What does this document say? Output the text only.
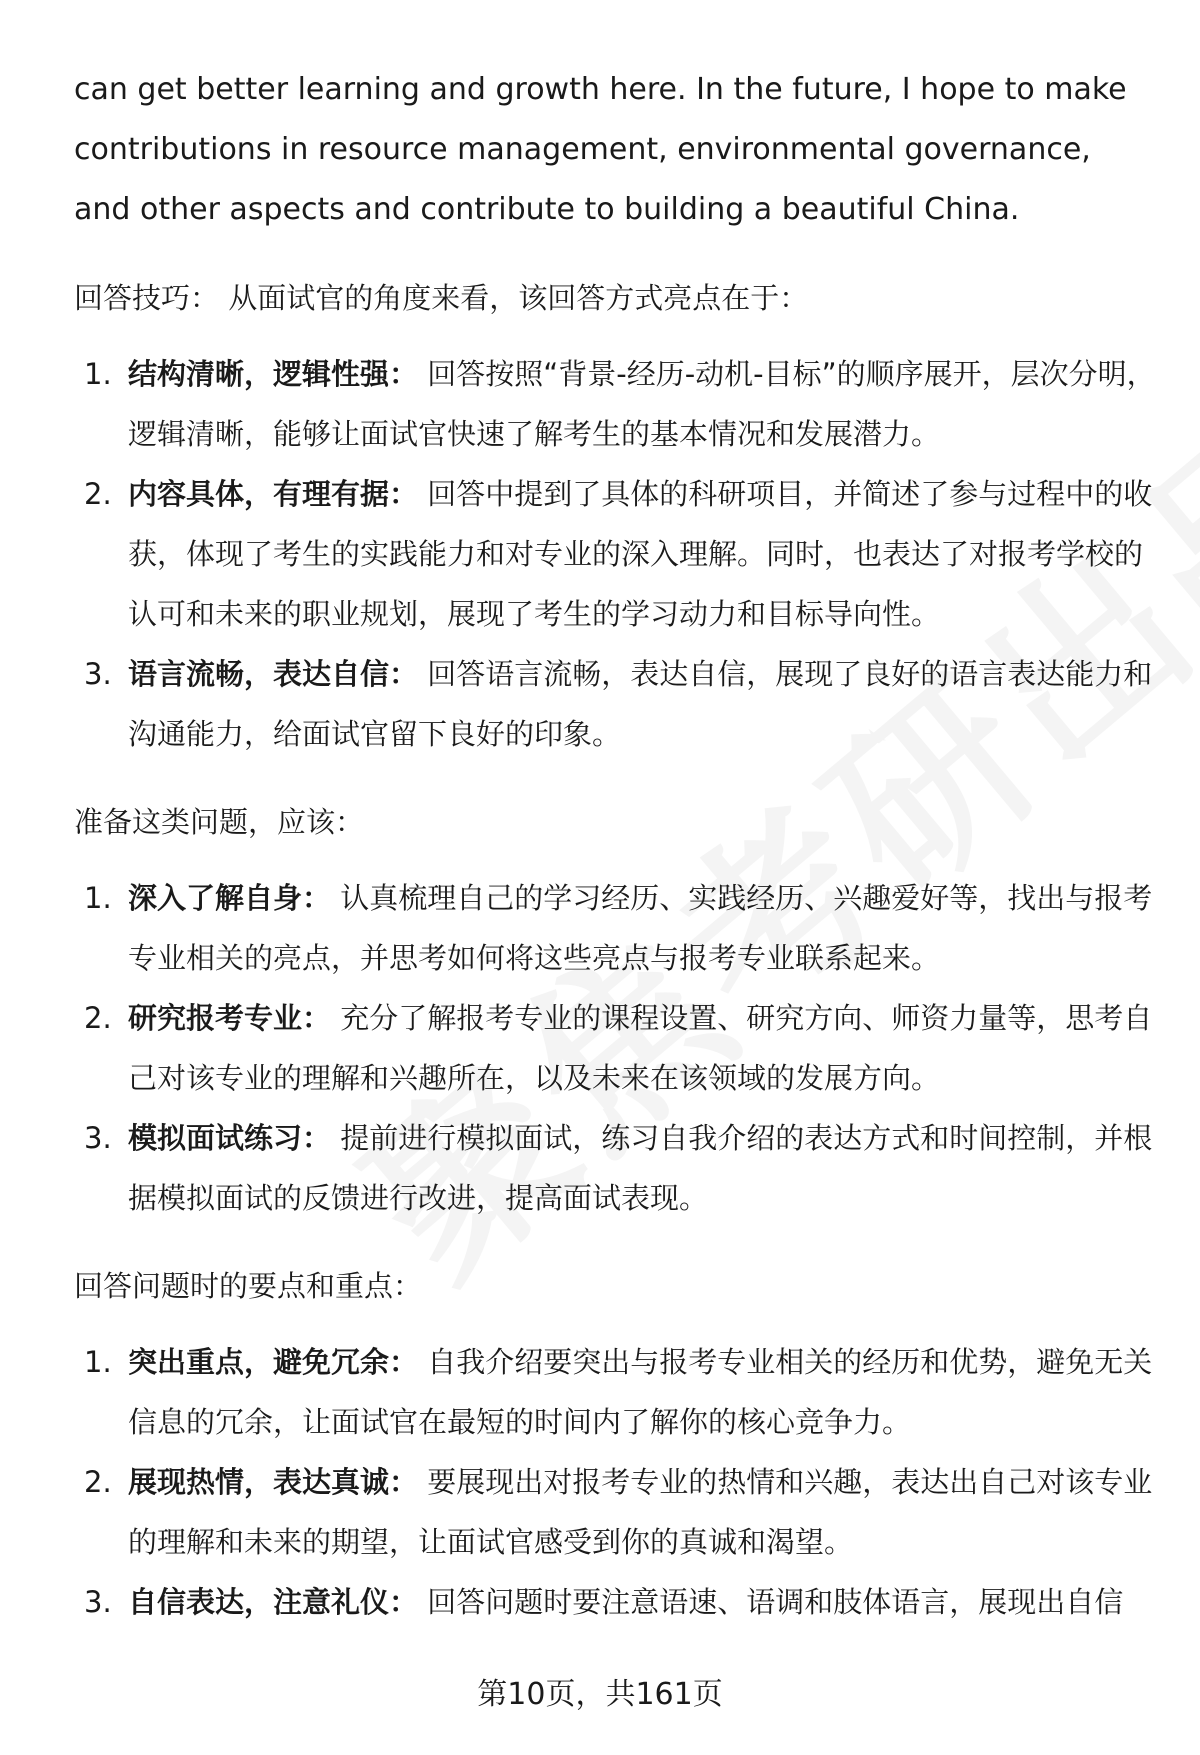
can get better learning and growth here. In the future, I hope to make contributions in resource management, environmental governance, and other aspects and contribute to building a beautiful China.

回答技巧： 从面试官的角度来看，该回答方式亮点在于：
1. 结构清晰，逻辑性强： 回答按照“背景-经历-动机-目标”的顺序展开，层次分明，逻辑清晰，能够让面试官快速了解考生的基本情况和发展潜力。
2. 内容具体，有理有据： 回答中提到了具体的科研项目，并简述了参与过程中的收获，体现了考生的实践能力和对专业的深入理解。同时，也表达了对报考学校的认可和未来的职业规划，展现了考生的学习动力和目标导向性。
3. 语言流畅，表达自信： 回答语言流畅，表达自信，展现了良好的语言表达能力和沟通能力，给面试官留下良好的印象。
准备这类问题，应该：
1. 深入了解自身： 认真梳理自己的学习经历、实践经历、兴趣爱好等，找出与报考专业相关的亮点，并思考如何将这些亮点与报考专业联系起来。
2. 研究报考专业： 充分了解报考专业的课程设置、研究方向、师资力量等，思考自己对该专业的理解和兴趣所在，以及未来在该领域的发展方向。
3. 模拟面试练习： 提前进行模拟面试，练习自我介绍的表达方式和时间控制，并根据模拟面试的反馈进行改进，提高面试表现。
回答问题时的要点和重点：
1. 突出重点，避免冗余： 自我介绍要突出与报考专业相关的经历和优势，避免无关信息的冗余，让面试官在最短的时间内了解你的核心竞争力。
2. 展现热情，表达真诚： 要展现出对报考专业的热情和兴趣，表达出自己对该专业的理解和未来的期望，让面试官感受到你的真诚和渴望。
3. 自信表达，注意礼仪： 回答问题时要注意语速、语调和肢体语言，展现出自信
第10页，共161页
